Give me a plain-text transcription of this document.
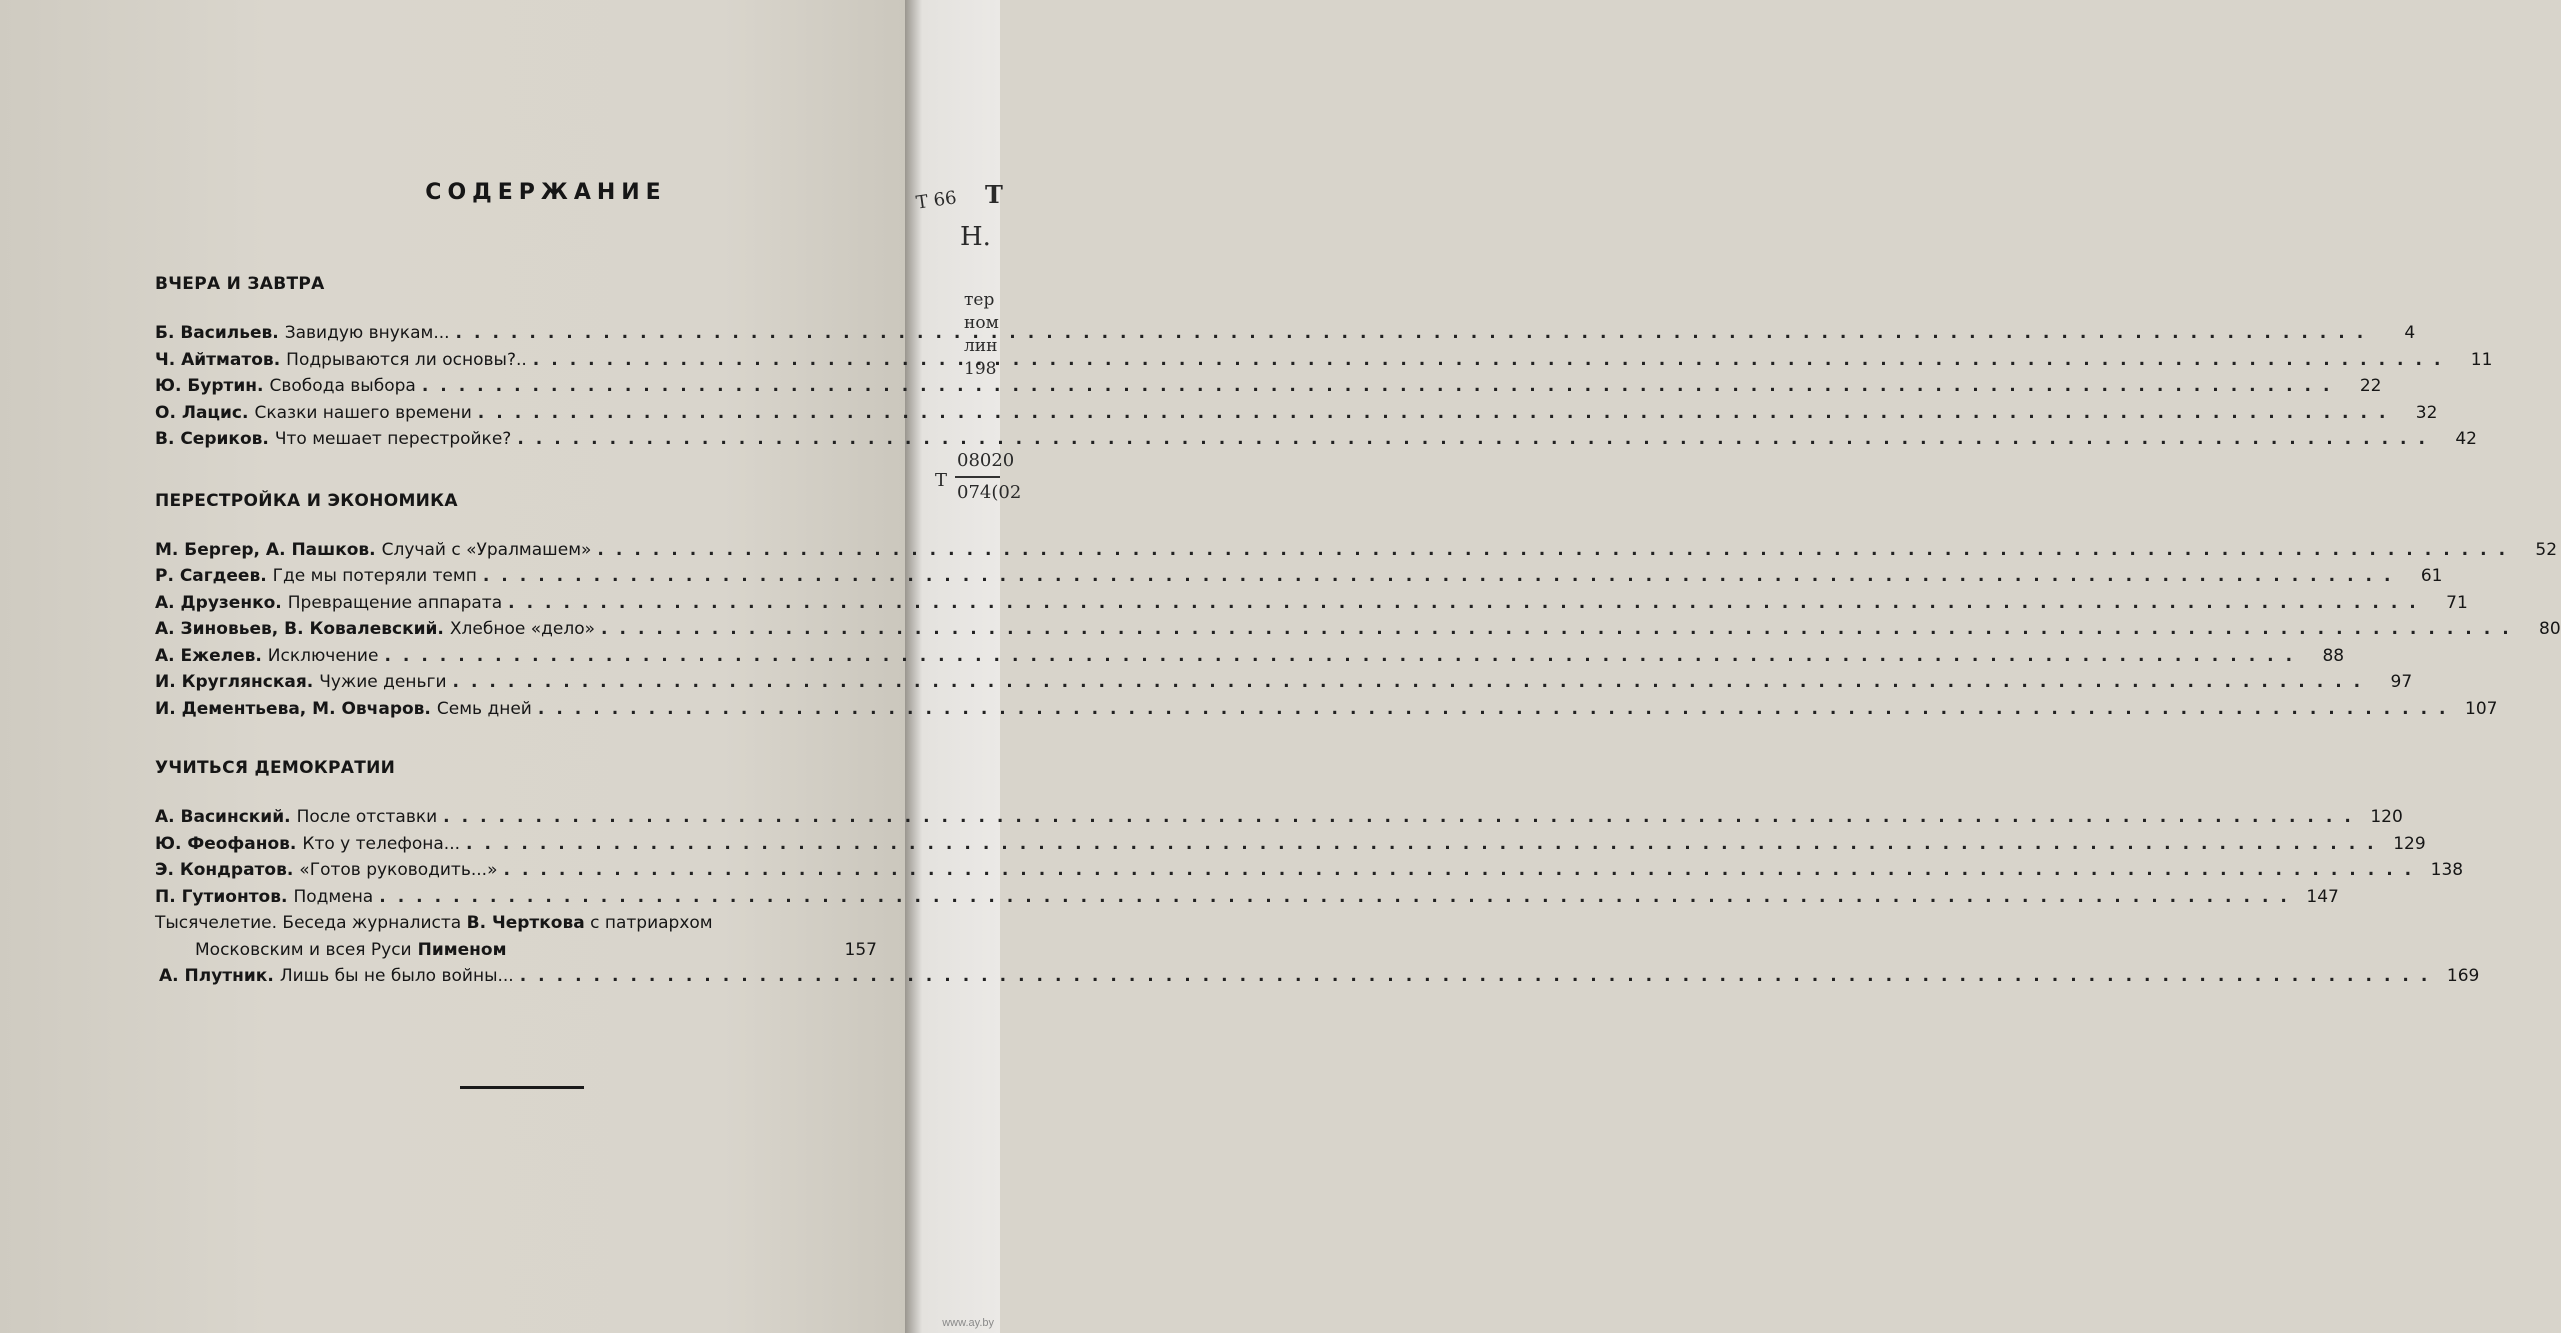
Т 66
Н.
Т
тер
ном
лин
198
Т
08020
074(02
СОДЕРЖАНИЕ
ВЧЕРА И ЗАВТРА
Б. Васильев. Завидую внукам... .....	4
Ч. Айтматов. Подрываются ли основы?.. .....	11
Ю. Буртин. Свобода выбора .....	22
О. Лацис. Сказки нашего времени .....	32
В. Сериков. Что мешает перестройке? .....	42
ПЕРЕСТРОЙКА И ЭКОНОМИКА
М. Бергер, А. Пашков. Случай с «Уралмашем» .....	52
Р. Сагдеев. Где мы потеряли темп .....	61
А. Друзенко. Превращение аппарата .....	71
А. Зиновьев, В. Ковалевский. Хлебное «дело» .....	80
А. Ежелев. Исключение .....	88
И. Круглянская. Чужие деньги .....	97
И. Дементьева, М. Овчаров. Семь дней .....	107
УЧИТЬСЯ ДЕМОКРАТИИ
А. Васинский. После отставки .....	120
Ю. Феофанов. Кто у телефона... .....	129
Э. Кондратов. «Готов руководить...» .....	138
П. Гутионтов. Подмена .....	147
Тысячелетие. Беседа журналиста В. Черткова с патриархом
Московским и всея Руси Пименом	157
А. Плутник. Лишь бы не было войны... .....	169
www.ay.by
